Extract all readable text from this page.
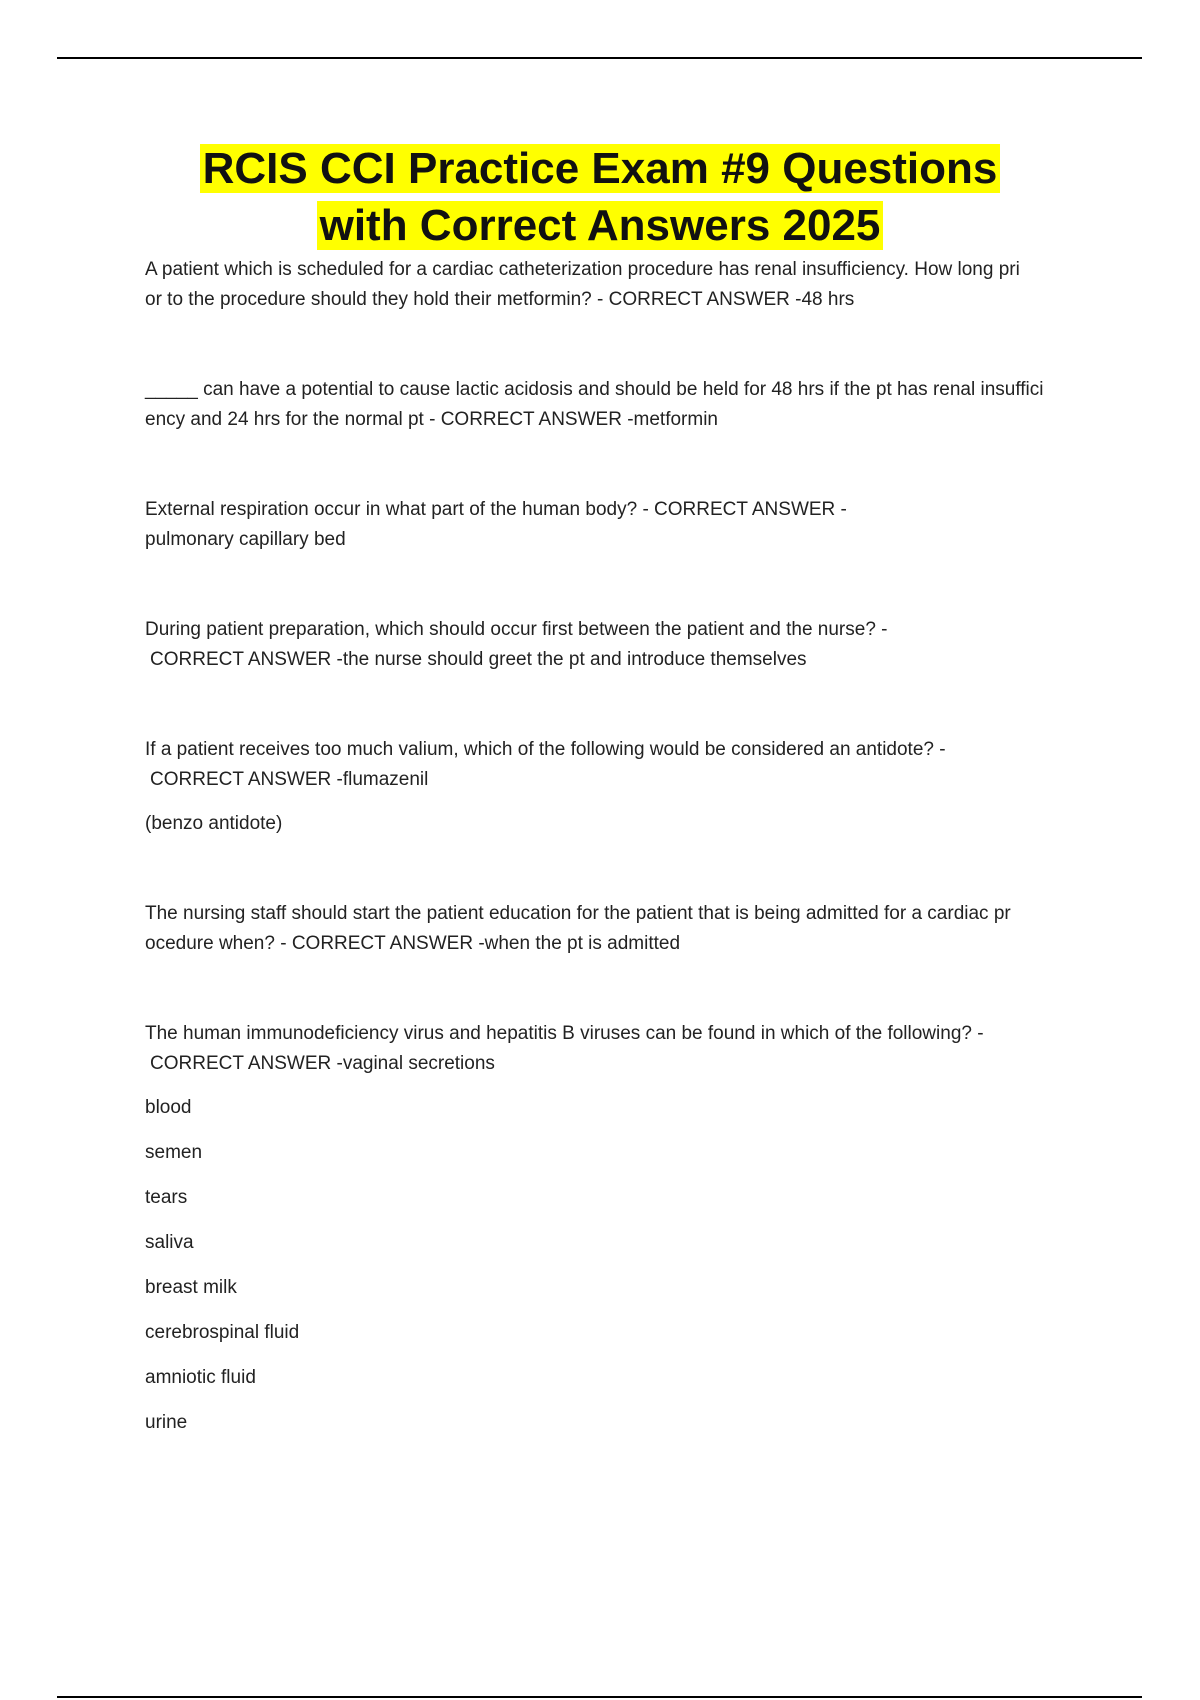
RCIS CCI Practice Exam #9 Questions
with Correct Answers 2025
A patient which is scheduled for a cardiac catheterization procedure has renal insufficiency. How long pri
or to the procedure should they hold their metformin? - CORRECT ANSWER -48 hrs
_____ can have a potential to cause lactic acidosis and should be held for 48 hrs if the pt has renal insuffici
ency and 24 hrs for the normal pt - CORRECT ANSWER -metformin
External respiration occur in what part of the human body? - CORRECT ANSWER -
pulmonary capillary bed
During patient preparation, which should occur first between the patient and the nurse? -
CORRECT ANSWER -the nurse should greet the pt and introduce themselves
If a patient receives too much valium, which of the following would be considered an antidote? -
CORRECT ANSWER -flumazenil

(benzo antidote)

The nursing staff should start the patient education for the patient that is being admitted for a cardiac pr
ocedure when? - CORRECT ANSWER -when the pt is admitted
The human immunodeficiency virus and hepatitis B viruses can be found in which of the following? -
CORRECT ANSWER -vaginal secretions

blood

semen

tears

saliva

breast milk

cerebrospinal fluid

amniotic fluid

urine
